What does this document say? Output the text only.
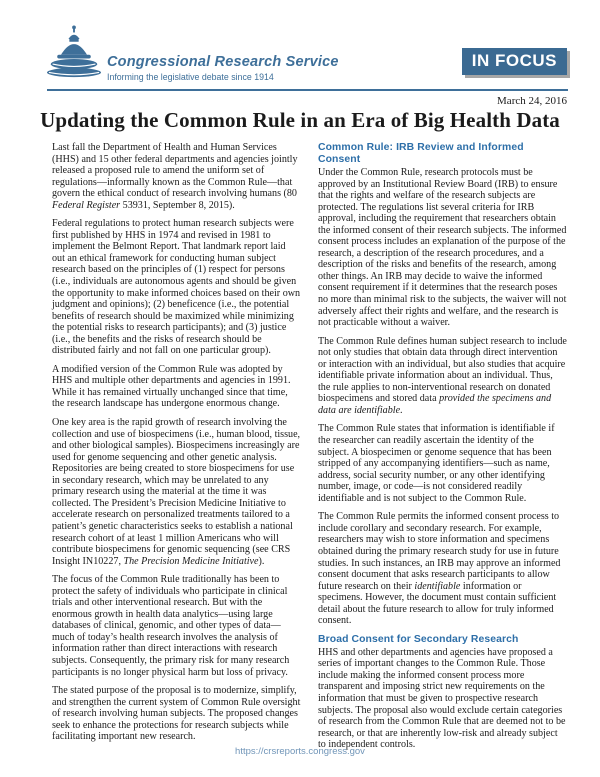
Congressional Research Service
Informing the legislative debate since 1914
IN FOCUS
March 24, 2016
Updating the Common Rule in an Era of Big Health Data

Last fall the Department of Health and Human Services (HHS) and 15 other federal departments and agencies jointly released a proposed rule to amend the uniform set of regulations—informally known as the Common Rule—that govern the ethical conduct of research involving humans (80 Federal Register 53931, September 8, 2015).

Federal regulations to protect human research subjects were first published by HHS in 1974 and revised in 1981 to implement the Belmont Report. That landmark report laid out an ethical framework for conducting human subject research based on the principles of (1) respect for persons (i.e., individuals are autonomous agents and should be given the opportunity to make informed choices based on their own judgment and opinions); (2) beneficence (i.e., the potential benefits of research should be maximized while minimizing the potential risks to research participants); and (3) justice (i.e., the benefits and the risks of research should be distributed fairly and not fall on one particular group).

A modified version of the Common Rule was adopted by HHS and multiple other departments and agencies in 1991. While it has remained virtually unchanged since that time, the research landscape has undergone enormous change.

One key area is the rapid growth of research involving the collection and use of biospecimens (i.e., human blood, tissue, and other biological samples). Biospecimens increasingly are used for genome sequencing and other genetic analysis. Repositories are being created to store biospecimens for use in secondary research, which may be unrelated to any primary research using the material at the time it was collected. The President’s Precision Medicine Initiative to accelerate research on personalized treatments tailored to a patient’s genetic characteristics seeks to establish a national research cohort of at least 1 million Americans who will contribute biospecimens for genomic sequencing (see CRS Insight IN10227, The Precision Medicine Initiative).

The focus of the Common Rule traditionally has been to protect the safety of individuals who participate in clinical trials and other interventional research. But with the enormous growth in health data analytics—using large databases of clinical, genomic, and other types of data—much of today’s health research involves the analysis of information rather than direct interactions with research subjects. Consequently, the primary risk for many research participants is no longer physical harm but loss of privacy.

The stated purpose of the proposal is to modernize, simplify, and strengthen the current system of Common Rule oversight of research involving human subjects. The proposed changes seek to enhance the protections for research subjects while facilitating important new research.

Common Rule: IRB Review and Informed Consent

Under the Common Rule, research protocols must be approved by an Institutional Review Board (IRB) to ensure that the rights and welfare of the research subjects are protected. The regulations list several criteria for IRB approval, including the requirement that researchers obtain the informed consent of their research subjects. The informed consent process includes an explanation of the purpose of the research, a description of the research procedures, and a description of the risks and benefits of the research, among other things. An IRB may decide to waive the informed consent requirement if it determines that the research poses no more than minimal risk to the subjects, the waiver will not adversely affect their rights and welfare, and the research is not practicable without a waiver.

The Common Rule defines human subject research to include not only studies that obtain data through direct intervention or interaction with an individual, but also studies that acquire identifiable private information about an individual. Thus, the rule applies to non-interventional research on donated biospecimens and stored data provided the specimens and data are identifiable.

The Common Rule states that information is identifiable if the researcher can readily ascertain the identity of the subject. A biospecimen or genome sequence that has been stripped of any accompanying identifiers—such as name, address, social security number, or any other identifying number, image, or code—is not considered readily identifiable and is not subject to the Common Rule.

The Common Rule permits the informed consent process to include corollary and secondary research. For example, researchers may wish to store information and specimens obtained during the primary research study for use in future studies. In such instances, an IRB may approve an informed consent document that asks research participants to allow future research on their identifiable information or specimens. However, the document must contain sufficient detail about the future research to allow for truly informed consent.

Broad Consent for Secondary Research

HHS and other departments and agencies have proposed a series of important changes to the Common Rule. Those include making the informed consent process more transparent and imposing strict new requirements on the information that must be given to prospective research subjects. The proposal also would exclude certain categories of research from the Common Rule that are deemed not to be research, or that are inherently low-risk and already subject to independent controls.

https://crsreports.congress.gov
